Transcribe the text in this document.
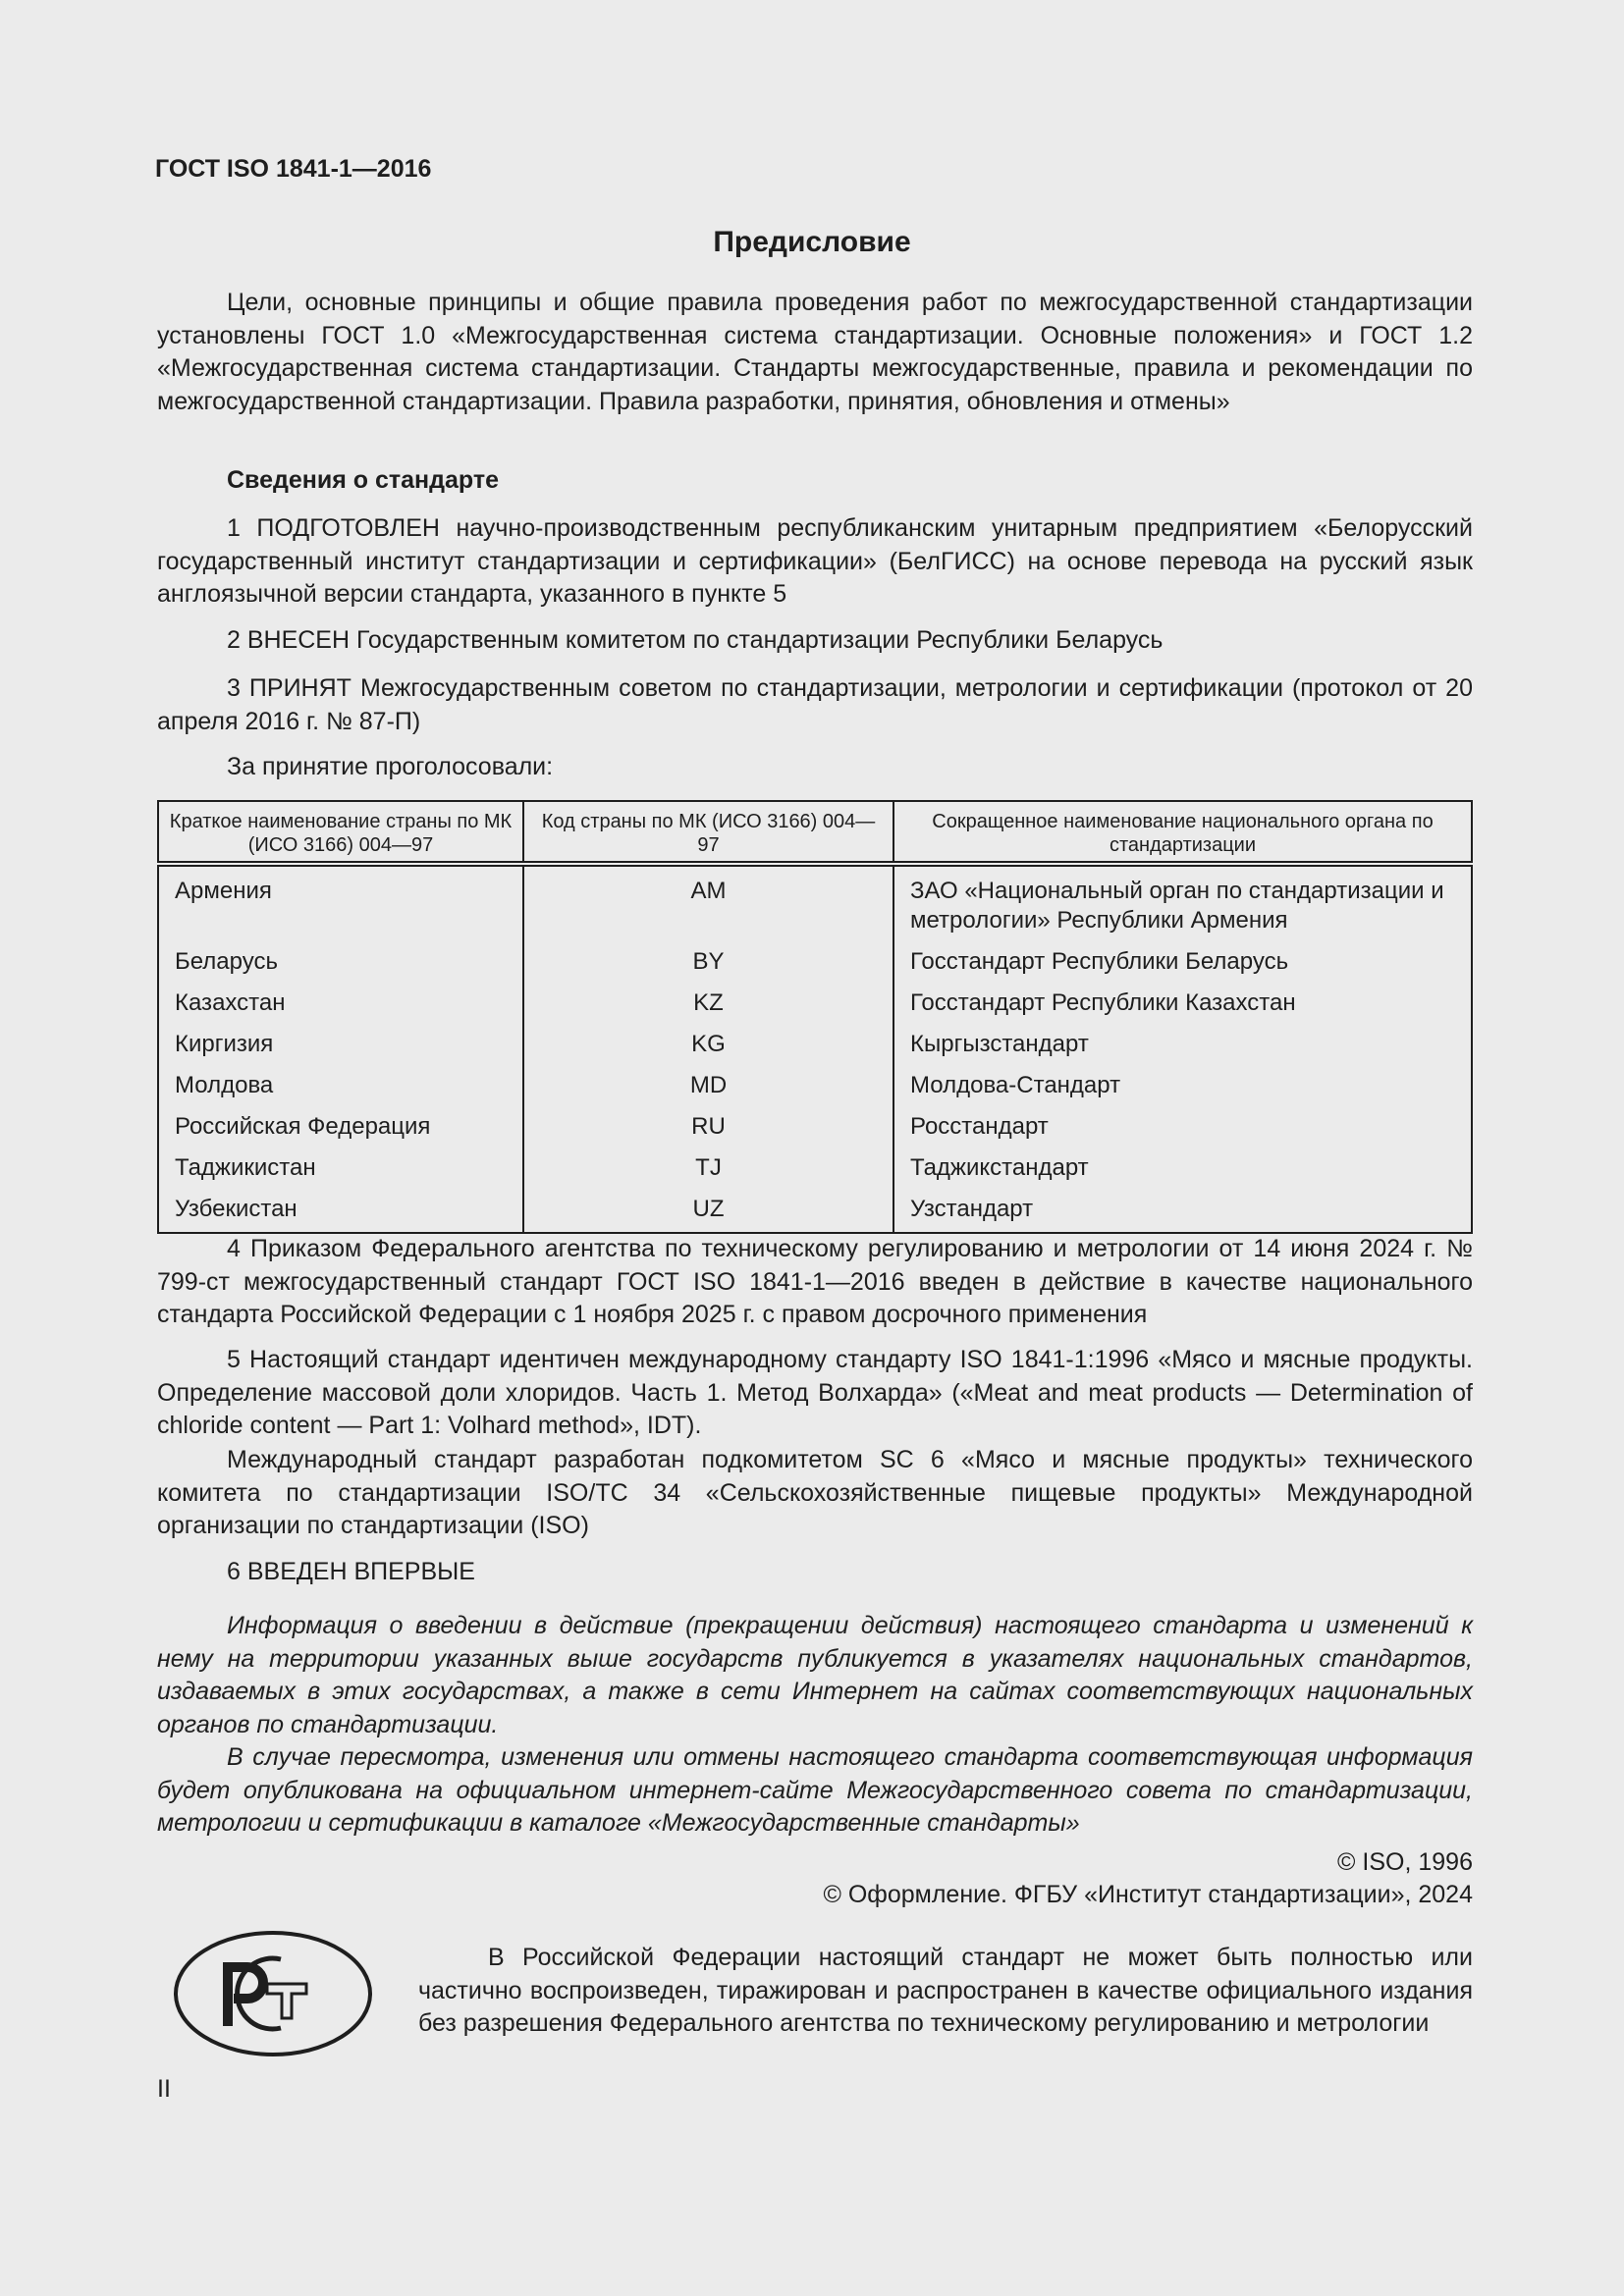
ГОСТ ISO 1841-1—2016
Предисловие
Цели, основные принципы и общие правила проведения работ по межгосударственной стандартизации установлены ГОСТ 1.0 «Межгосударственная система стандартизации. Основные положения» и ГОСТ 1.2 «Межгосударственная система стандартизации. Стандарты межгосударственные, правила и рекомендации по межгосударственной стандартизации. Правила разработки, принятия, обновления и отмены»
Сведения о стандарте
1 ПОДГОТОВЛЕН научно-производственным республиканским унитарным предприятием «Белорусский государственный институт стандартизации и сертификации» (БелГИСС) на основе перевода на русский язык англоязычной версии стандарта, указанного в пункте 5
2 ВНЕСЕН Государственным комитетом по стандартизации Республики Беларусь
3 ПРИНЯТ Межгосударственным советом по стандартизации, метрологии и сертификации (протокол от 20 апреля 2016 г. № 87-П)
За принятие проголосовали:
Краткое наименование страны по МК (ИСО 3166) 004—97	Код страны по МК (ИСО 3166) 004—97	Сокращенное наименование национального органа по стандартизации
Армения	AM	ЗАО «Национальный орган по стандартизации и метрологии» Республики Армения
Беларусь	BY	Госстандарт Республики Беларусь
Казахстан	KZ	Госстандарт Республики Казахстан
Киргизия	KG	Кыргызстандарт
Молдова	MD	Молдова-Стандарт
Российская Федерация	RU	Росстандарт
Таджикистан	TJ	Таджикстандарт
Узбекистан	UZ	Узстандарт
4 Приказом Федерального агентства по техническому регулированию и метрологии от 14 июня 2024 г. № 799-ст межгосударственный стандарт ГОСТ ISO 1841-1—2016 введен в действие в качестве национального стандарта Российской Федерации с 1 ноября 2025 г. с правом досрочного применения
5 Настоящий стандарт идентичен международному стандарту ISO 1841-1:1996 «Мясо и мясные продукты. Определение массовой доли хлоридов. Часть 1. Метод Волхарда» («Meat and meat products — Determination of chloride content — Part 1: Volhard method», IDT).
Международный стандарт разработан подкомитетом SC 6 «Мясо и мясные продукты» технического комитета по стандартизации ISO/TC 34 «Сельскохозяйственные пищевые продукты» Международной организации по стандартизации (ISO)
6 ВВЕДЕН ВПЕРВЫЕ
Информация о введении в действие (прекращении действия) настоящего стандарта и изменений к нему на территории указанных выше государств публикуется в указателях национальных стандартов, издаваемых в этих государствах, а также в сети Интернет на сайтах соответствующих национальных органов по стандартизации.
В случае пересмотра, изменения или отмены настоящего стандарта соответствующая информация будет опубликована на официальном интернет-сайте Межгосударственного совета по стандартизации, метрологии и сертификации в каталоге «Межгосударственные стандарты»
© ISO, 1996
© Оформление. ФГБУ «Институт стандартизации», 2024
В Российской Федерации настоящий стандарт не может быть полностью или частично воспроизведен, тиражирован и распространен в качестве официального издания без разрешения Федерального агентства по техническому регулированию и метрологии
II
